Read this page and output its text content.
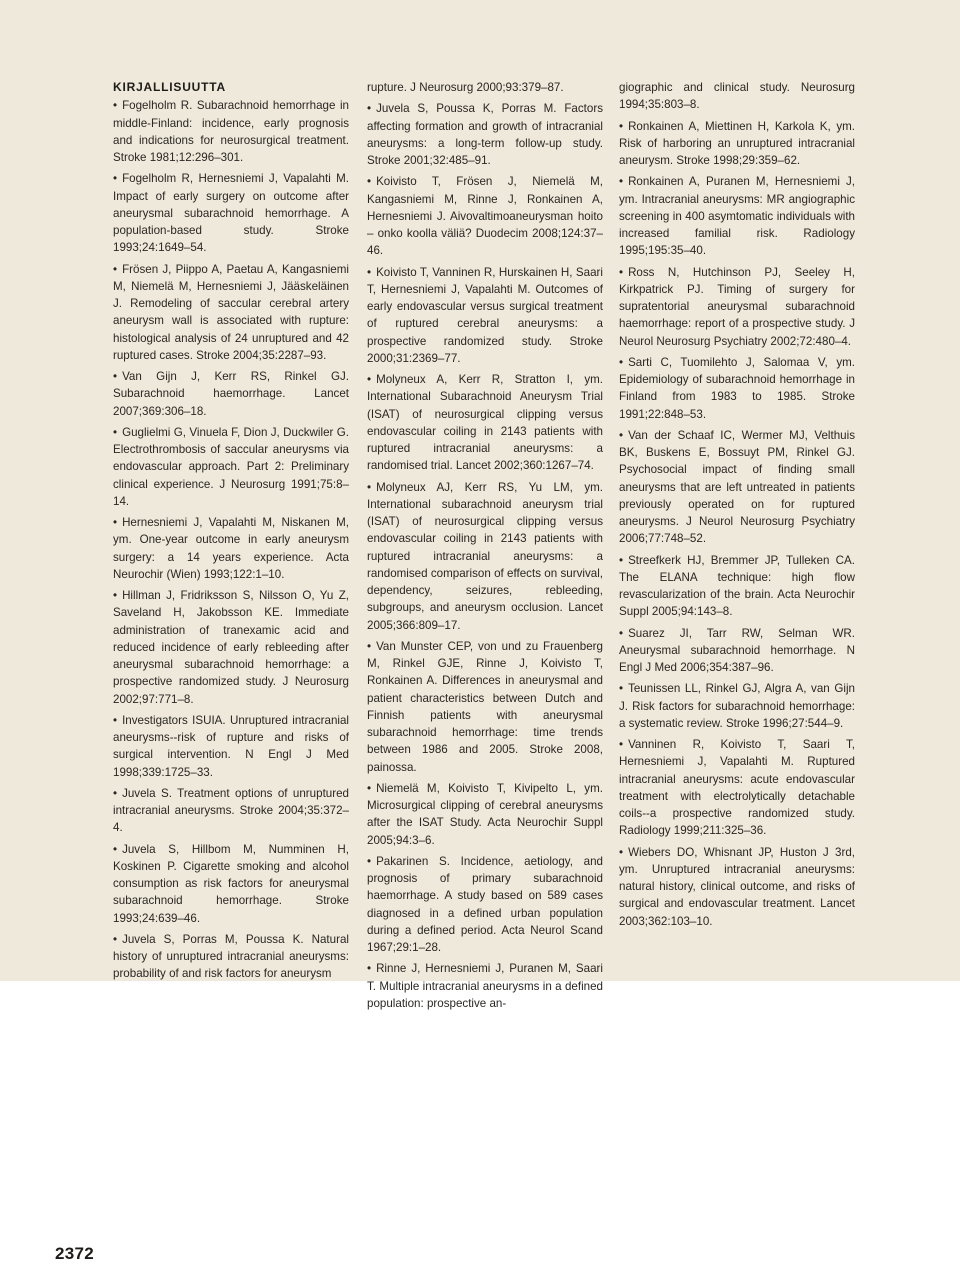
KIRJALLISUUTTA
• Fogelholm R. Subarachnoid hemorrhage in middle-Finland: incidence, early prognosis and indications for neurosurgical treatment. Stroke 1981;12:296–301.
• Fogelholm R, Hernesniemi J, Vapalahti M. Impact of early surgery on outcome after aneurysmal subarachnoid hemorrhage. A population-based study. Stroke 1993;24:1649–54.
• Frösen J, Piippo A, Paetau A, Kangasniemi M, Niemelä M, Hernesniemi J, Jääskeläinen J. Remodeling of saccular cerebral artery aneurysm wall is associated with rupture: histological analysis of 24 unruptured and 42 ruptured cases. Stroke 2004;35:2287–93.
• Van Gijn J, Kerr RS, Rinkel GJ. Subarachnoid haemorrhage. Lancet 2007;369:306–18.
• Guglielmi G, Vinuela F, Dion J, Duckwiler G. Electrothrombosis of saccular aneurysms via endovascular approach. Part 2: Preliminary clinical experience. J Neurosurg 1991;75:8–14.
• Hernesniemi J, Vapalahti M, Niskanen M, ym. One-year outcome in early aneurysm surgery: a 14 years experience. Acta Neurochir (Wien) 1993;122:1–10.
• Hillman J, Fridriksson S, Nilsson O, Yu Z, Saveland H, Jakobsson KE. Immediate administration of tranexamic acid and reduced incidence of early rebleeding after aneurysmal subarachnoid hemorrhage: a prospective randomized study. J Neurosurg 2002;97:771–8.
• Investigators ISUIA. Unruptured intracranial aneurysms--risk of rupture and risks of surgical intervention. N Engl J Med 1998;339:1725–33.
• Juvela S. Treatment options of unruptured intracranial aneurysms. Stroke 2004;35:372–4.
• Juvela S, Hillbom M, Numminen H, Koskinen P. Cigarette smoking and alcohol consumption as risk factors for aneurysmal subarachnoid hemorrhage. Stroke 1993;24:639–46.
• Juvela S, Porras M, Poussa K. Natural history of unruptured intracranial aneurysms: probability of and risk factors for aneurysm
rupture. J Neurosurg 2000;93:379–87.
• Juvela S, Poussa K, Porras M. Factors affecting formation and growth of intracranial aneurysms: a long-term follow-up study. Stroke 2001;32:485–91.
• Koivisto T, Frösen J, Niemelä M, Kangasniemi M, Rinne J, Ronkainen A, Hernesniemi J. Aivovaltimoaneurysman hoito – onko koolla väliä? Duodecim 2008;124:37–46.
• Koivisto T, Vanninen R, Hurskainen H, Saari T, Hernesniemi J, Vapalahti M. Outcomes of early endovascular versus surgical treatment of ruptured cerebral aneurysms: a prospective randomized study. Stroke 2000;31:2369–77.
• Molyneux A, Kerr R, Stratton I, ym. International Subarachnoid Aneurysm Trial (ISAT) of neurosurgical clipping versus endovascular coiling in 2143 patients with ruptured intracranial aneurysms: a randomised trial. Lancet 2002;360:1267–74.
• Molyneux AJ, Kerr RS, Yu LM, ym. International subarachnoid aneurysm trial (ISAT) of neurosurgical clipping versus endovascular coiling in 2143 patients with ruptured intracranial aneurysms: a randomised comparison of effects on survival, dependency, seizures, rebleeding, subgroups, and aneurysm occlusion. Lancet 2005;366:809–17.
• Van Munster CEP, von und zu Frauenberg M, Rinkel GJE, Rinne J, Koivisto T, Ronkainen A. Differences in aneurysmal and patient characteristics between Dutch and Finnish patients with aneurysmal subarachnoid hemorrhage: time trends between 1986 and 2005. Stroke 2008, painossa.
• Niemelä M, Koivisto T, Kivipelto L, ym. Microsurgical clipping of cerebral aneurysms after the ISAT Study. Acta Neurochir Suppl 2005;94:3–6.
• Pakarinen S. Incidence, aetiology, and prognosis of primary subarachnoid haemorrhage. A study based on 589 cases diagnosed in a defined urban population during a defined period. Acta Neurol Scand 1967;29:1–28.
• Rinne J, Hernesniemi J, Puranen M, Saari T. Multiple intracranial aneurysms in a defined population: prospective an-
giographic and clinical study. Neurosurg 1994;35:803–8.
• Ronkainen A, Miettinen H, Karkola K, ym. Risk of harboring an unruptured intracranial aneurysm. Stroke 1998;29:359–62.
• Ronkainen A, Puranen M, Hernesniemi J, ym. Intracranial aneurysms: MR angiographic screening in 400 asymtomatic individuals with increased familial risk. Radiology 1995;195:35–40.
• Ross N, Hutchinson PJ, Seeley H, Kirkpatrick PJ. Timing of surgery for supratentorial aneurysmal subarachnoid haemorrhage: report of a prospective study. J Neurol Neurosurg Psychiatry 2002;72:480–4.
• Sarti C, Tuomilehto J, Salomaa V, ym. Epidemiology of subarachnoid hemorrhage in Finland from 1983 to 1985. Stroke 1991;22:848–53.
• Van der Schaaf IC, Wermer MJ, Velthuis BK, Buskens E, Bossuyt PM, Rinkel GJ. Psychosocial impact of finding small aneurysms that are left untreated in patients previously operated on for ruptured aneurysms. J Neurol Neurosurg Psychiatry 2006;77:748–52.
• Streefkerk HJ, Bremmer JP, Tulleken CA. The ELANA technique: high flow revascularization of the brain. Acta Neurochir Suppl 2005;94:143–8.
• Suarez JI, Tarr RW, Selman WR. Aneurysmal subarachnoid hemorrhage. N Engl J Med 2006;354:387–96.
• Teunissen LL, Rinkel GJ, Algra A, van Gijn J. Risk factors for subarachnoid hemorrhage: a systematic review. Stroke 1996;27:544–9.
• Vanninen R, Koivisto T, Saari T, Hernesniemi J, Vapalahti M. Ruptured intracranial aneurysms: acute endovascular treatment with electrolytically detachable coils--a prospective randomized study. Radiology 1999;211:325–36.
• Wiebers DO, Whisnant JP, Huston J 3rd, ym. Unruptured intracranial aneurysms: natural history, clinical outcome, and risks of surgical and endovascular treatment. Lancet 2003;362:103–10.
2372
